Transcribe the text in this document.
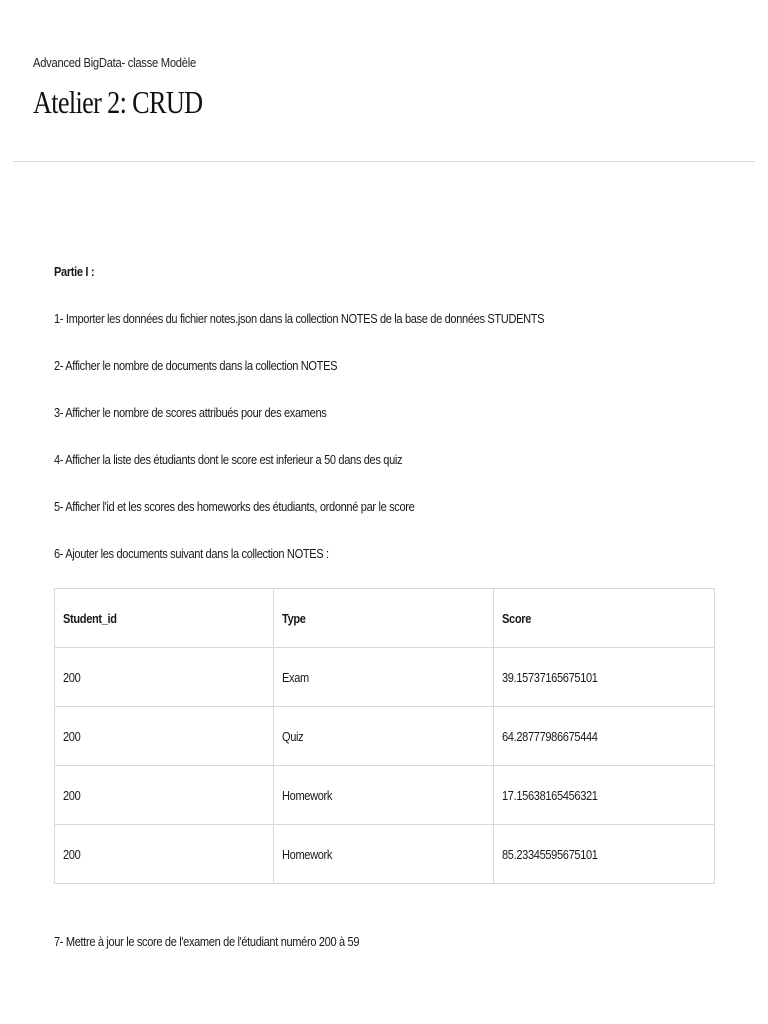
Advanced BigData- classe Modèle
Atelier 2: CRUD
Partie I :
1- Importer les données du fichier notes.json dans la collection NOTES de la base de données STUDENTS
2- Afficher le nombre de documents dans la collection NOTES
3- Afficher le nombre de scores attribués pour des examens
4- Afficher la liste des étudiants dont le score est inferieur a 50 dans des quiz
5- Afficher l'id et les scores des homeworks des étudiants, ordonné par le score
6- Ajouter les documents suivant dans la collection NOTES :
Student_id	Type	Score
200	Exam	39.15737165675101
200	Quiz	64.28777986675444
200	Homework	17.15638165456321
200	Homework	85.23345595675101
7- Mettre à jour le score de l'examen de l'étudiant numéro 200 à 59
